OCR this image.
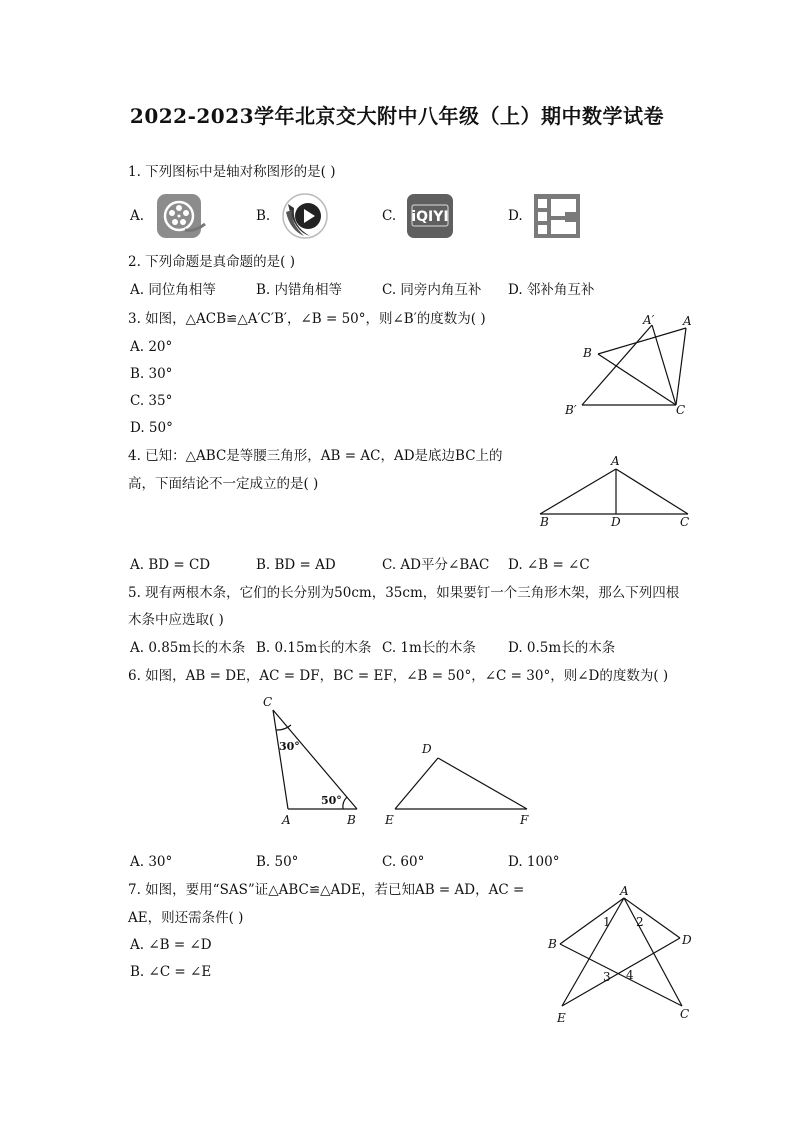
2022-2023学年北京交大附中八年级（上）期中数学试卷
1. 下列图标中是轴对称图形的是( )
A.	B.	C.	D.
iQIYI
2. 下列命题是真命题的是( )
A. 同位角相等	B. 内错角相等	C. 同旁内角互补 D. 邻补角互补
3. 如图，△ACB≌△A′C′B′，∠B = 50°，则∠B′的度数为( )
A. 20°
B. 30°
C. 35°
D. 50°
A′ A
B
B′	C
4. 已知：△ABC是等腰三角形，AB = AC，AD是底边BC上的
高，下面结论不一定成立的是( )
A
B	D	C
A. BD = CD	B. BD = AD	C. AD平分∠BAC D. ∠B = ∠C
5. 现有两根木条，它们的长分别为50cm，35cm，如果要钉一个三角形木架，那么下列四根
木条中应选取( )
A. 0.85m长的木条 B. 0.15m长的木条 C. 1m长的木条 D. 0.5m长的木条
6. 如图，AB = DE，AC = DF，BC = EF，∠B = 50°，∠C = 30°，则∠D的度数为( )
C
30°
50°
A	B
D
E	F
A. 30°	B. 50°	C. 60°	D. 100°
7. 如图，要用“SAS”证△ABC≌△ADE，若已知AB = AD，AC =
AE，则还需条件( )
A. ∠B = ∠D
B. ∠C = ∠E
A
B	D
E	C
1 2
3 4
